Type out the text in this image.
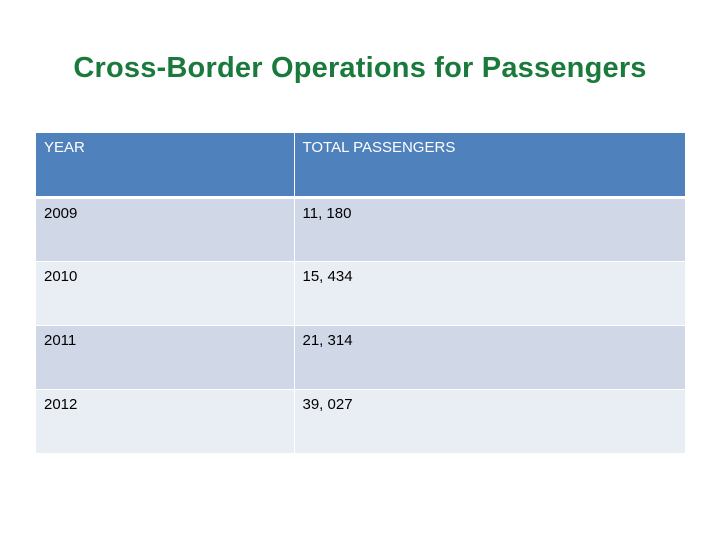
Cross-Border Operations for Passengers
YEAR	TOTAL PASSENGERS
2009	11, 180
2010	15, 434
2011	21, 314
2012	39, 027
